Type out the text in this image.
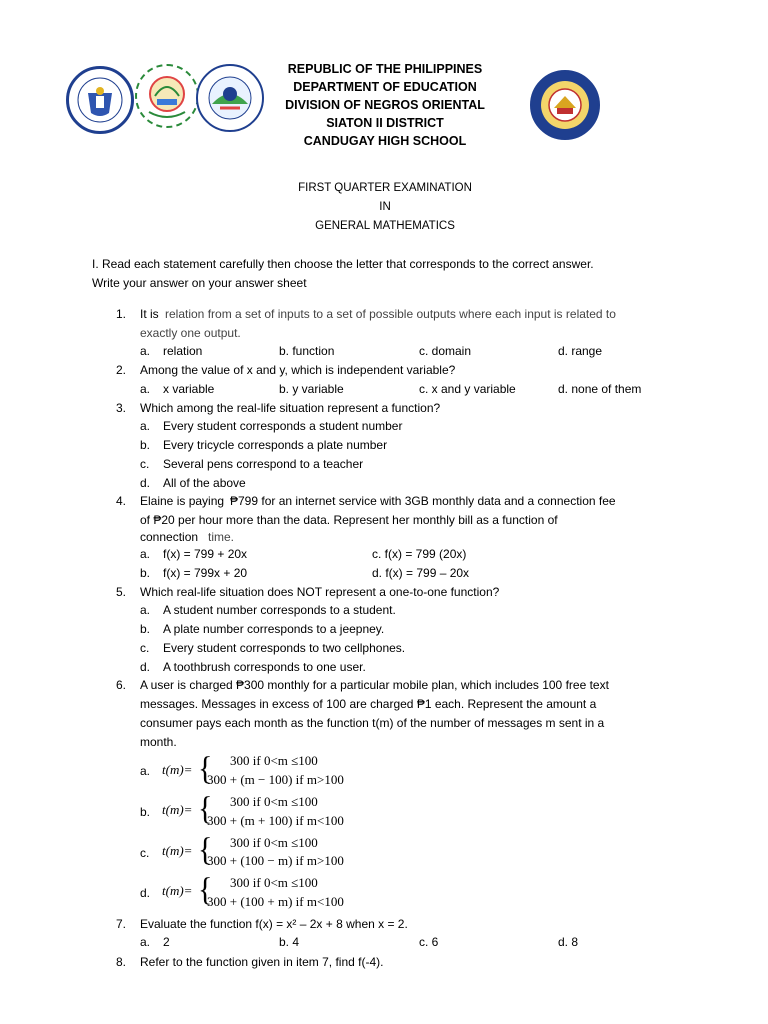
REPUBLIC OF THE PHILIPPINES
DEPARTMENT OF EDUCATION
DIVISION OF NEGROS ORIENTAL
SIATON II DISTRICT
CANDUGAY HIGH SCHOOL
FIRST QUARTER EXAMINATION
IN
GENERAL MATHEMATICS
I. Read each statement carefully then choose the letter that corresponds to the correct answer.
Write your answer on your answer sheet
1. It is relation from a set of inputs to a set of possible outputs where each input is related to
exactly one output.
a. relation	b. function	c. domain	d. range
2. Among the value of x and y, which is independent variable?
a. x variable	b. y variable	c. x and y variable	d. none of them
3. Which among the real-life situation represent a function?
a. Every student corresponds a student number
b. Every tricycle corresponds a plate number
c. Several pens correspond to a teacher
d. All of the above
4. Elaine is paying ₱799 for an internet service with 3GB monthly data and a connection fee
of ₱20 per hour more than the data. Represent her monthly bill as a function of
connection time.
a. f(x) = 799 + 20x	c. f(x) = 799 (20x)
b. f(x) = 799x + 20	d. f(x) = 799 – 20x
5. Which real-life situation does NOT represent a one-to-one function?
a. A student number corresponds to a student.
b. A plate number corresponds to a jeepney.
c. Every student corresponds to two cellphones.
d. A toothbrush corresponds to one user.
6. A user is charged ₱300 monthly for a particular mobile plan, which includes 100 free text
messages. Messages in excess of 100 are charged ₱1 each. Represent the amount a
consumer pays each month as the function t(m) of the number of messages m sent in a
month.
a. t(m)= { 300 if 0<m ≤100
300 + (m − 100) if m>100
b. t(m)= { 300 if 0<m ≤100
300 + (m + 100) if m<100
c. t(m)= { 300 if 0<m ≤100
300 + (100 − m) if m>100
d. t(m)= { 300 if 0<m ≤100
300 + (100 + m) if m<100
7. Evaluate the function f(x) = x² – 2x + 8 when x = 2.
a. 2	b. 4	c. 6	d. 8
8. Refer to the function given in item 7, find f(-4).
